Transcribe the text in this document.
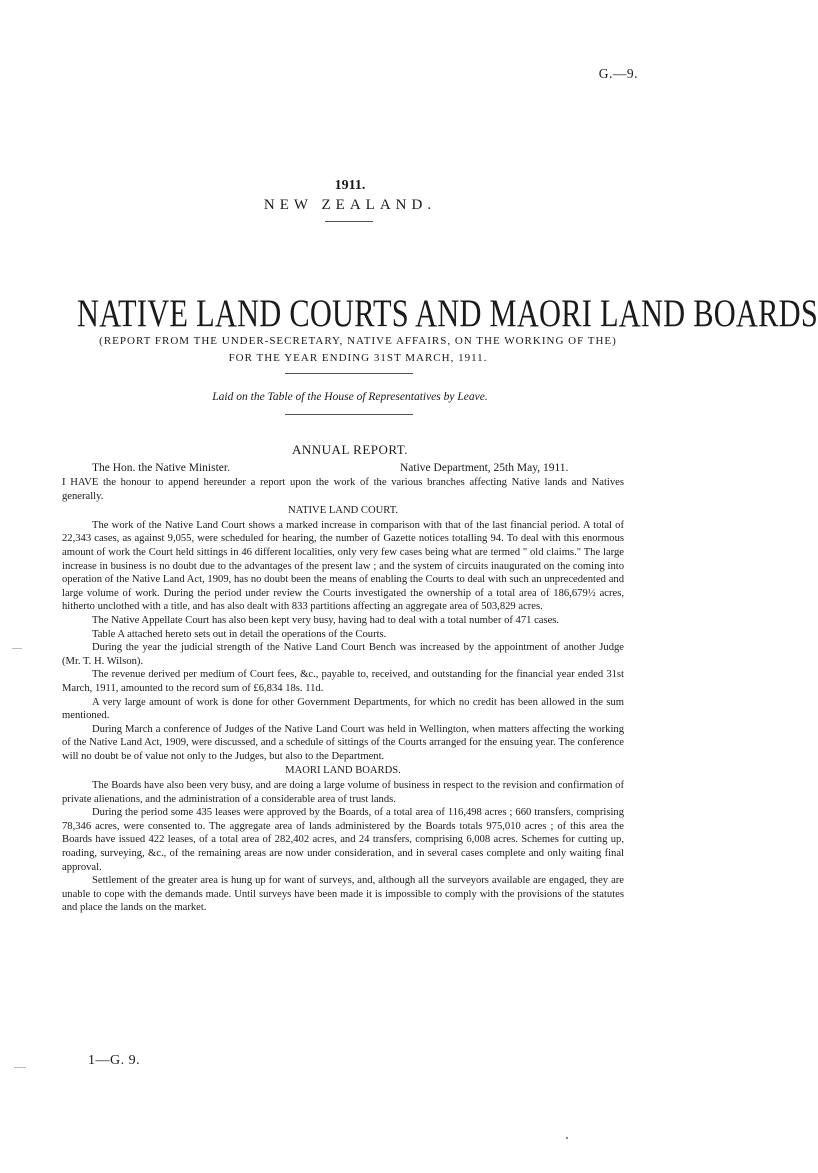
G.—9.
1911.
NEW ZEALAND.
NATIVE LAND COURTS AND MAORI LAND BOARDS
(REPORT FROM THE UNDER-SECRETARY, NATIVE AFFAIRS, ON THE WORKING OF THE)
FOR THE YEAR ENDING 31ST MARCH, 1911.
Laid on the Table of the House of Representatives by Leave.
ANNUAL REPORT.
The Hon. the Native Minister.	Native Department, 25th May, 1911.

I HAVE the honour to append hereunder a report upon the work of the various branches affecting Native lands and Natives generally.

NATIVE LAND COURT.

The work of the Native Land Court shows a marked increase in comparison with that of the last financial period. A total of 22,343 cases, as against 9,055, were scheduled for hearing, the number of Gazette notices totalling 94. To deal with this enormous amount of work the Court held sittings in 46 different localities, only very few cases being what are termed " old claims." The large increase in business is no doubt due to the advantages of the present law ; and the system of circuits inaugurated on the coming into operation of the Native Land Act, 1909, has no doubt been the means of enabling the Courts to deal with such an unprecedented and large volume of work. During the period under review the Courts investigated the ownership of a total area of 186,679½ acres, hitherto unclothed with a title, and has also dealt with 833 partitions affecting an aggregate area of 503,829 acres.

The Native Appellate Court has also been kept very busy, having had to deal with a total number of 471 cases.

Table A attached hereto sets out in detail the operations of the Courts.

During the year the judicial strength of the Native Land Court Bench was increased by the appointment of another Judge (Mr. T. H. Wilson).

The revenue derived per medium of Court fees, &c., payable to, received, and outstanding for the financial year ended 31st March, 1911, amounted to the record sum of £6,834 18s. 11d.

A very large amount of work is done for other Government Departments, for which no credit has been allowed in the sum mentioned.

During March a conference of Judges of the Native Land Court was held in Wellington, when matters affecting the working of the Native Land Act, 1909, were discussed, and a schedule of sittings of the Courts arranged for the ensuing year. The conference will no doubt be of value not only to the Judges, but also to the Department.

MAORI LAND BOARDS.

The Boards have also been very busy, and are doing a large volume of business in respect to the revision and confirmation of private alienations, and the administration of a considerable area of trust lands.

During the period some 435 leases were approved by the Boards, of a total area of 116,498 acres ; 660 transfers, comprising 78,346 acres, were consented to. The aggregate area of lands administered by the Boards totals 975,010 acres ; of this area the Boards have issued 422 leases, of a total area of 282,402 acres, and 24 transfers, comprising 6,008 acres. Schemes for cutting up, roading, surveying, &c., of the remaining areas are now under consideration, and in several cases complete and only waiting final approval.

Settlement of the greater area is hung up for want of surveys, and, although all the surveyors available are engaged, they are unable to cope with the demands made. Until surveys have been made it is impossible to comply with the provisions of the statutes and place the lands on the market.

1—G. 9.
